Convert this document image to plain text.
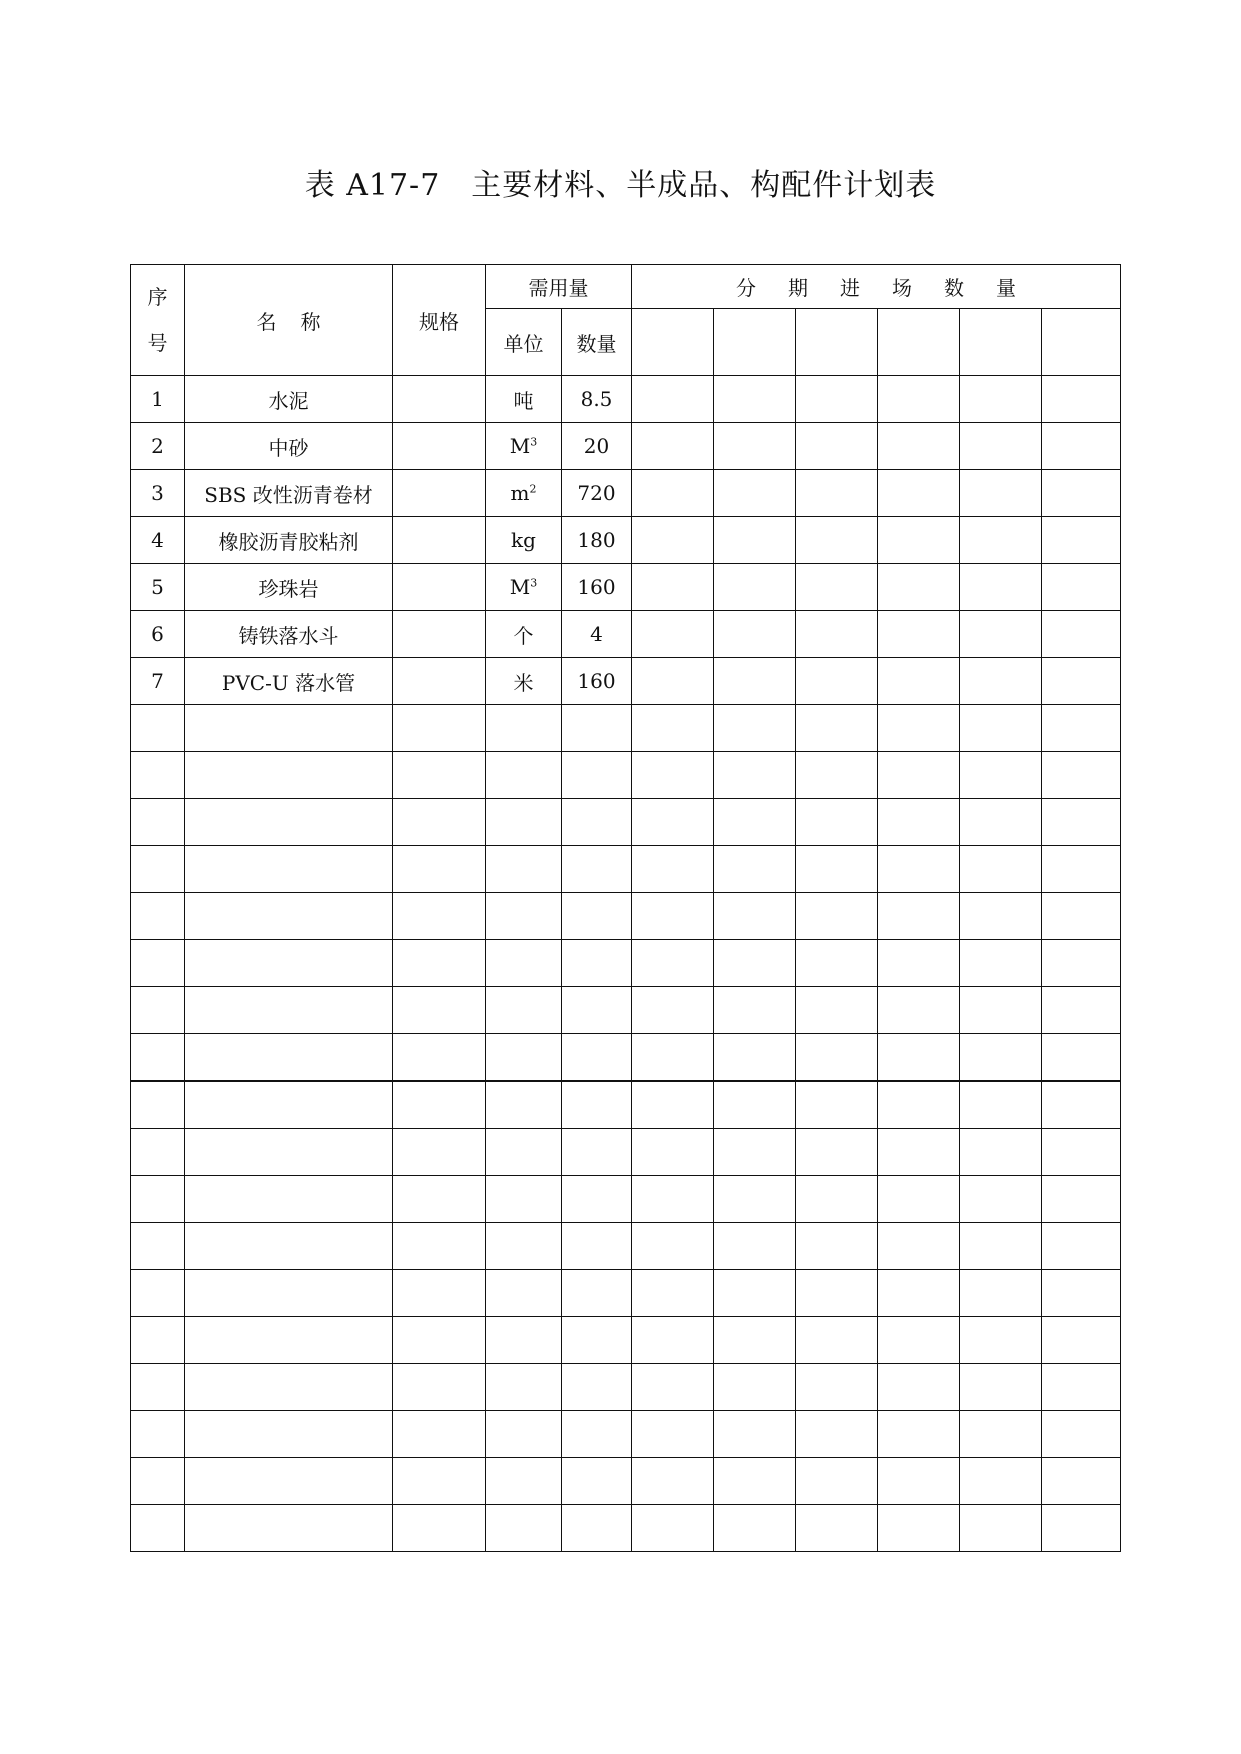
表 A17-7　主要材料、半成品、构配件计划表
序
号	名称	规格	需用量		分期进场数量					
			单位	数量						
1	水泥		吨	8.5						
2	中砂		$M^3$	20						
3	SBS 改性沥青卷材		$m^2$	720						
4	橡胶沥青胶粘剂		kg	180						
5	珍珠岩		$M^3$	160						
6	铸铁落水斗		个	4						
7	PVC-U 落水管		米	160						
